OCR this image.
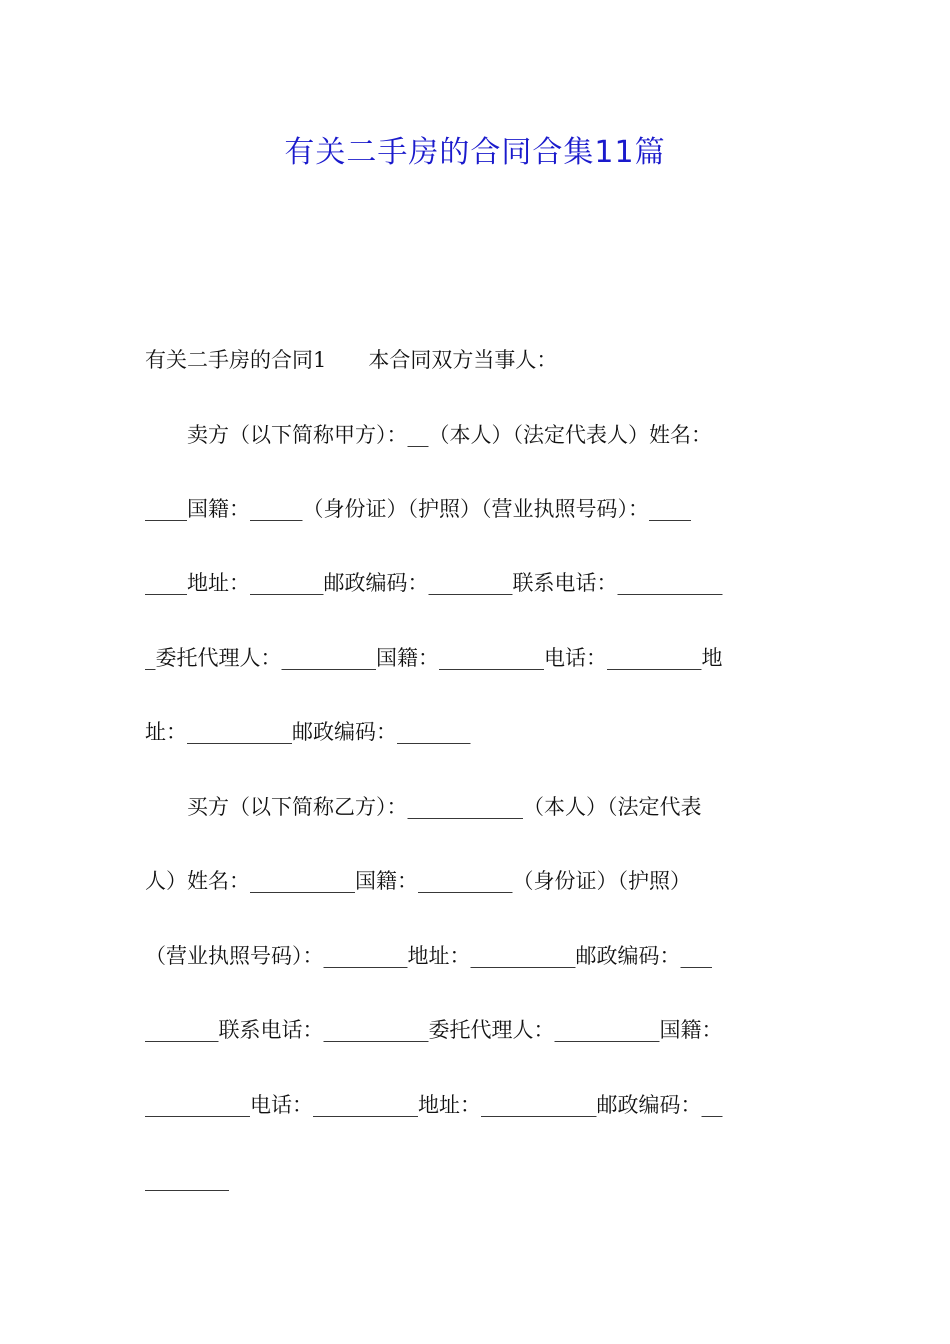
有关二手房的合同合集11篇
有关二手房的合同1　　本合同双方当事人：
　　卖方（以下简称甲方）：__（本人）（法定代表人）姓名：
____国籍：_____（身份证）（护照）（营业执照号码）：____
____地址：_______邮政编码：________联系电话：__________
_委托代理人：_________国籍：__________电话：_________地
址：__________邮政编码：_______
　　买方（以下简称乙方）：___________（本人）（法定代表
人）姓名：__________国籍：_________（身份证）（护照）
（营业执照号码）：________地址：__________邮政编码：___
_______联系电话：__________委托代理人：__________国籍：
__________电话：__________地址：___________邮政编码：__
________
